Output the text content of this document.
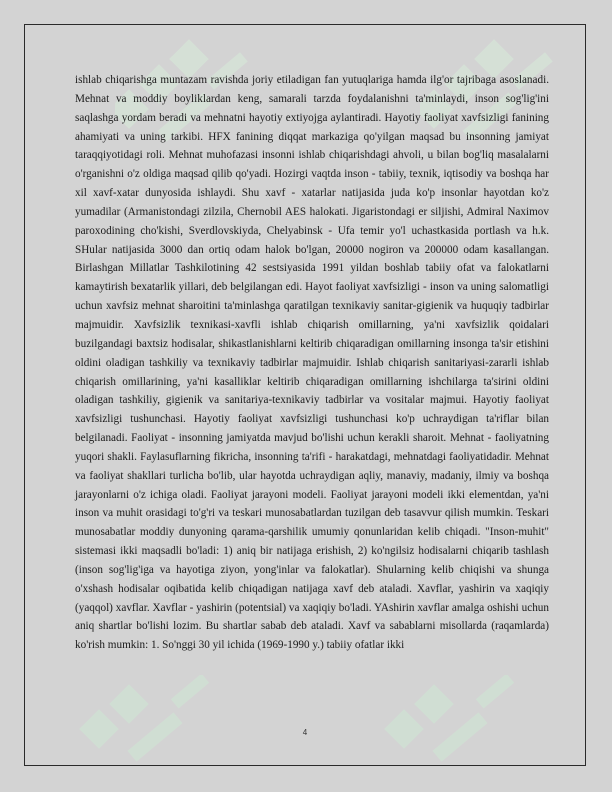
ishlab chiqarishga muntazam ravishda joriy etiladigan fan yutuqlariga hamda ilg'or tajribaga asoslanadi. Mehnat va moddiy boyliklardan keng, samarali tarzda foydalanishni ta'minlaydi, inson sog'lig'ini saqlashga yordam beradi va mehnatni hayotiy extiyojga aylantiradi. Hayotiy faoliyat xavfsizligi fanining ahamiyati va uning tarkibi. HFX fanining diqqat markaziga qo'yilgan maqsad bu insonning jamiyat taraqqiyotidagi roli. Mehnat muhofazasi insonni ishlab chiqarishdagi ahvoli, u bilan bog'liq masalalarni o'rganishni o'z oldiga maqsad qilib qo'yadi. Hozirgi vaqtda inson - tabiiy, texnik, iqtisodiy va boshqa har xil xavf-xatar dunyosida ishlaydi. Shu xavf - xatarlar natijasida juda ko'p insonlar hayotdan ko'z yumadilar (Armanistondagi zilzila, Chernobil AES halokati. Jigaristondagi er siljishi, Admiral Naximov paroxodining cho'kishi, Sverdlovskiyda, Chelyabinsk - Ufa temir yo'l uchastkasida portlash va h.k. SHular natijasida 3000 dan ortiq odam halok bo'lgan, 20000 nogiron va 200000 odam kasallangan. Birlashgan Millatlar Tashkilotining 42 sestsiyasida 1991 yildan boshlab tabiiy ofat va falokatlarni kamaytirish bexatarlik yillari, deb belgilangan edi. Hayot faoliyat xavfsizligi - inson va uning salomatligi uchun xavfsiz mehnat sharoitini ta'minlashga qaratilgan texnikaviy sanitar-gigienik va huquqiy tadbirlar majmuidir. Xavfsizlik texnikasi-xavfli ishlab chiqarish omillarning, ya'ni xavfsizlik qoidalari buzilgandagi baxtsiz hodisalar, shikastlanishlarni keltirib chiqaradigan omillarning insonga ta'sir etishini oldini oladigan tashkiliy va texnikaviy tadbirlar majmuidir. Ishlab chiqarish sanitariyasi-zararli ishlab chiqarish omillarining, ya'ni kasalliklar keltirib chiqaradigan omillarning ishchilarga ta'sirini oldini oladigan tashkiliy, gigienik va sanitariya-texnikaviy tadbirlar va vositalar majmui. Hayotiy faoliyat xavfsizligi tushunchasi. Hayotiy faoliyat xavfsizligi tushunchasi ko'p uchraydigan ta'riflar bilan belgilanadi. Faoliyat - insonning jamiyatda mavjud bo'lishi uchun kerakli sharoit. Mehnat - faoliyatning yuqori shakli. Faylasuflarning fikricha, insonning ta'rifi - harakatdagi, mehnatdagi faoliyatidadir. Mehnat va faoliyat shakllari turlicha bo'lib, ular hayotda uchraydigan aqliy, manaviy, madaniy, ilmiy va boshqa jarayonlarni o'z ichiga oladi. Faoliyat jarayoni modeli. Faoliyat jarayoni modeli ikki elementdan, ya'ni inson va muhit orasidagi to'g'ri va teskari munosabatlardan tuzilgan deb tasavvur qilish mumkin. Teskari munosabatlar moddiy dunyoning qarama-qarshilik umumiy qonunlaridan kelib chiqadi. "Inson-muhit" sistemasi ikki maqsadli bo'ladi: 1) aniq bir natijaga erishish, 2) ko'ngilsiz hodisalarni chiqarib tashlash (inson sog'lig'iga va hayotiga ziyon, yong'inlar va falokatlar). Shularning kelib chiqishi va shunga o'xshash hodisalar oqibatida kelib chiqadigan natijaga xavf deb ataladi. Xavflar, yashirin va xaqiqiy (yaqqol) xavflar. Xavflar - yashirin (potentsial) va xaqiqiy bo'ladi. YAshirin xavflar amalga oshishi uchun aniq shartlar bo'lishi lozim. Bu shartlar sabab deb ataladi. Xavf va sabablarni misollarda (raqamlarda) ko'rish mumkin: 1. So'nggi 30 yil ichida (1969-1990 y.) tabiiy ofatlar ikki

4
